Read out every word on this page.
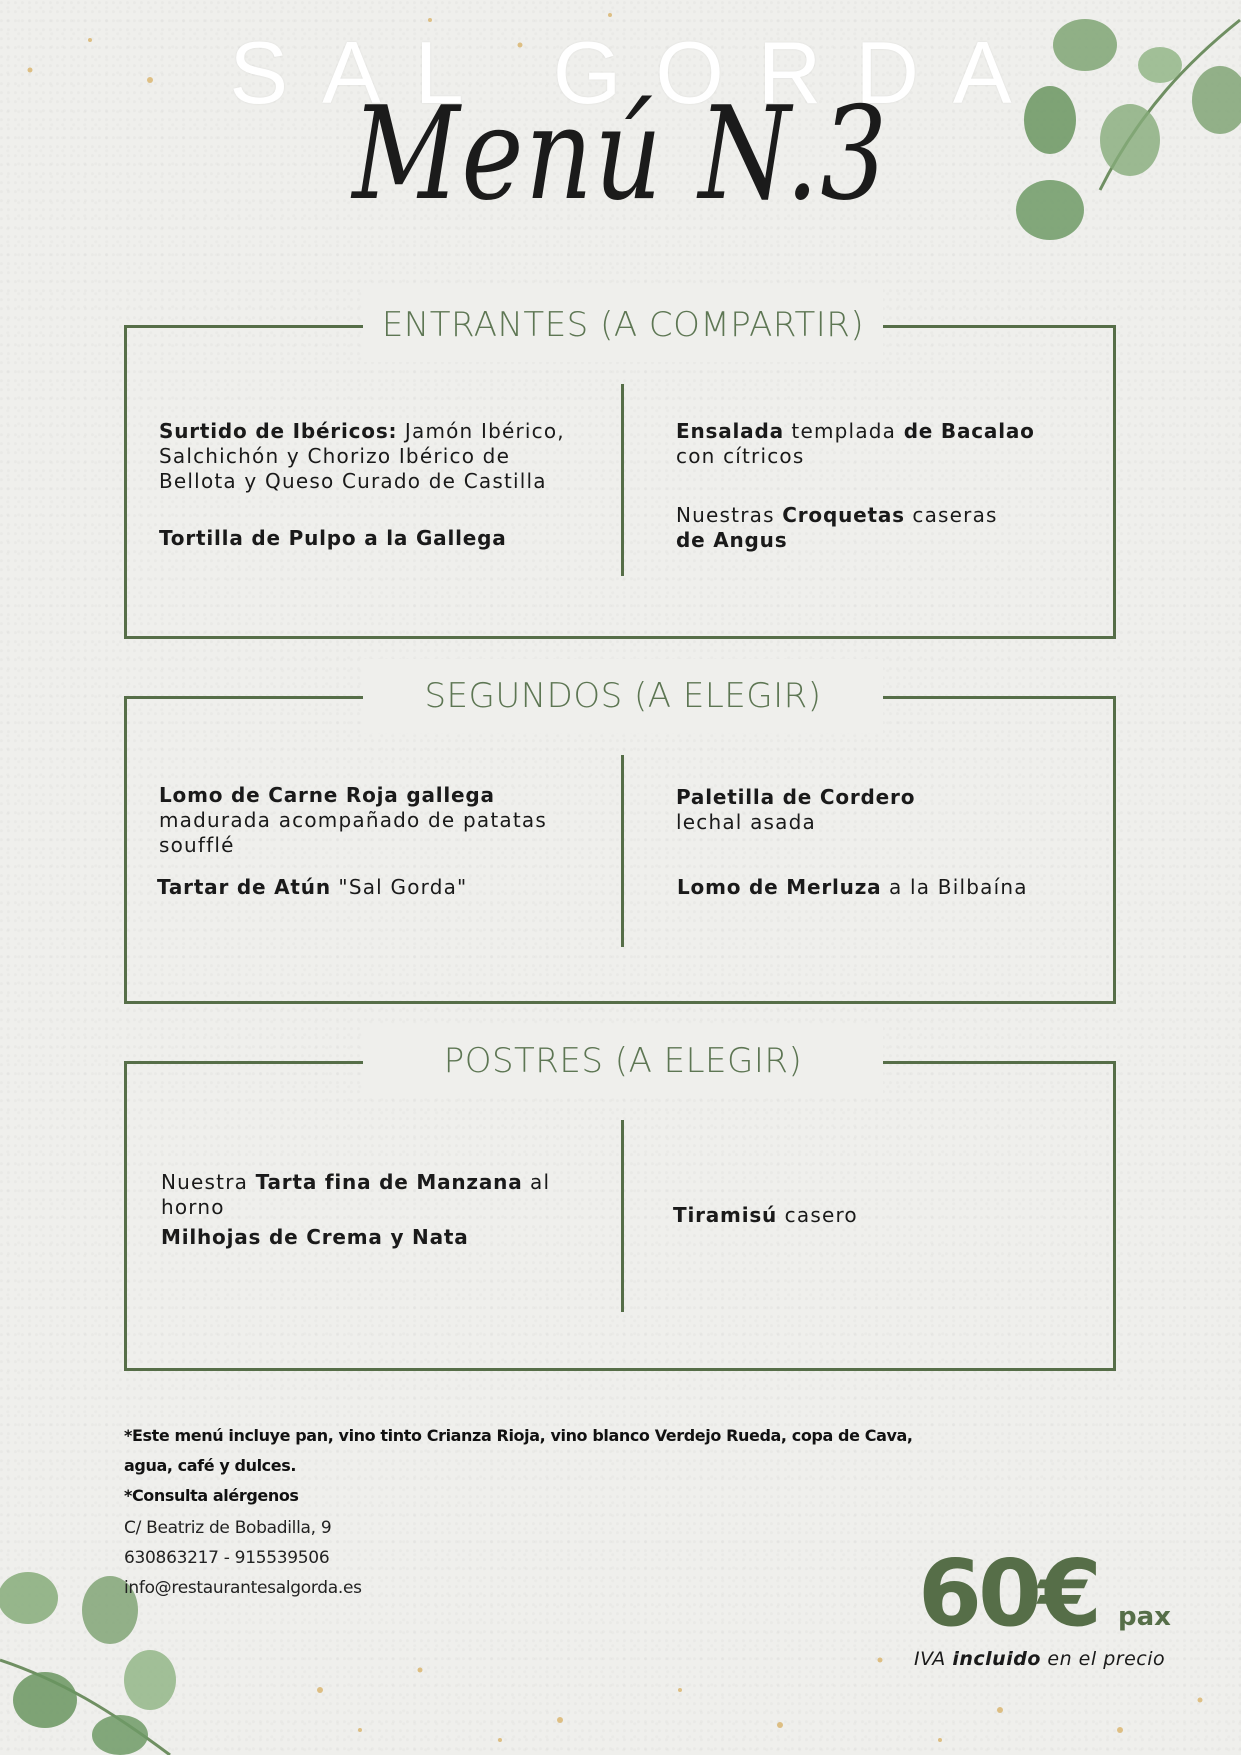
SAL GORDA
Menú N.3
ENTRANTES (A COMPARTIR)
Surtido de Ibéricos: Jamón Ibérico, Salchichón y Chorizo Ibérico de Bellota y Queso Curado de Castilla
Tortilla de Pulpo a la Gallega
Ensalada templada de Bacalao con cítricos
Nuestras Croquetas caseras
de Angus
SEGUNDOS (A ELEGIR)
Lomo de Carne Roja gallega madurada acompañado de patatas soufflé
Tartar de Atún "Sal Gorda"
Paletilla de Cordero lechal asada
Lomo de Merluza a la Bilbaína
POSTRES (A ELEGIR)
Nuestra Tarta fina de Manzana al horno
Milhojas de Crema y Nata
Tiramisú casero
*Este menú incluye pan, vino tinto Crianza Rioja, vino blanco Verdejo Rueda, copa de Cava,
agua, café y dulces.
*Consulta alérgenos
C/ Beatriz de Bobadilla, 9
630863217 - 915539506
info@restaurantesalgorda.es	60€ pax
IVA incluido en el precio
